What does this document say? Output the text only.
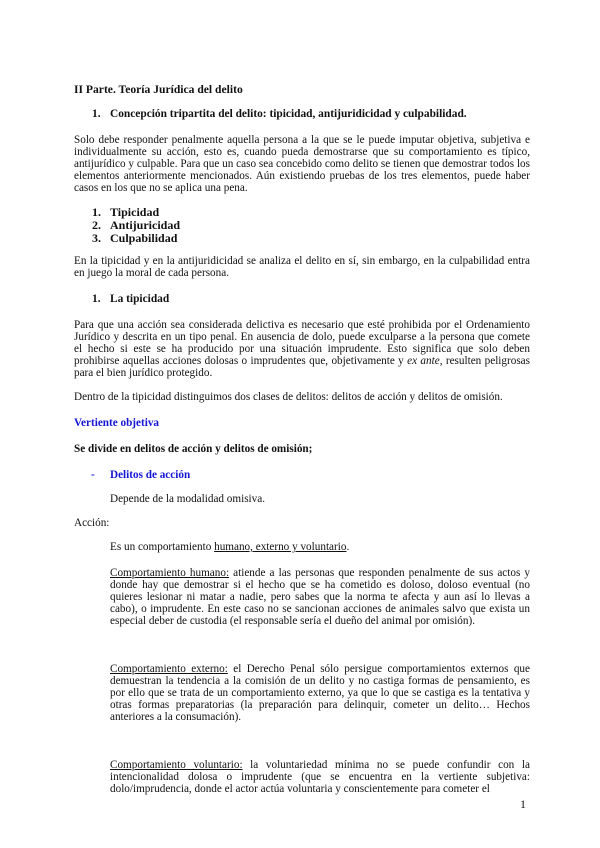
II Parte. Teoría Jurídica del delito

1. Concepción tripartita del delito: tipicidad, antijuridicidad y culpabilidad.

Solo debe responder penalmente aquella persona a la que se le puede imputar objetiva, subjetiva e individualmente su acción, esto es, cuando pueda demostrarse que su comportamiento es típico, antijurídico y culpable. Para que un caso sea concebido como delito se tienen que demostrar todos los elementos anteriormente mencionados. Aún existiendo pruebas de los tres elementos, puede haber casos en los que no se aplica una pena.

1. Tipicidad
2. Antijuricidad
3. Culpabilidad

En la tipicidad y en la antijuridicidad se analiza el delito en sí, sin embargo, en la culpabilidad entra en juego la moral de cada persona.

1. La tipicidad

Para que una acción sea considerada delictiva es necesario que esté prohibida por el Ordenamiento Jurídico y descrita en un tipo penal. En ausencia de dolo, puede exculparse a la persona que comete el hecho si este se ha producido por una situación imprudente. Esto significa que solo deben prohibirse aquellas acciones dolosas o imprudentes que, objetivamente y ex ante, resulten peligrosas para el bien jurídico protegido.

Dentro de la tipicidad distinguimos dos clases de delitos: delitos de acción y delitos de omisión.

Vertiente objetiva

Se divide en delitos de acción y delitos de omisión;

- Delitos de acción

Depende de la modalidad omisiva.

Acción:

Es un comportamiento humano, externo y voluntario.

Comportamiento humano: atiende a las personas que responden penalmente de sus actos y donde hay que demostrar si el hecho que se ha cometido es doloso, doloso eventual (no quieres lesionar ni matar a nadie, pero sabes que la norma te afecta y aun así lo llevas a cabo), o imprudente. En este caso no se sancionan acciones de animales salvo que exista un especial deber de custodia (el responsable sería el dueño del animal por omisión).

Comportamiento externo: el Derecho Penal sólo persigue comportamientos externos que demuestran la tendencia a la comisión de un delito y no castiga formas de pensamiento, es por ello que se trata de un comportamiento externo, ya que lo que se castiga es la tentativa y otras formas preparatorias (la preparación para delinquir, cometer un delito… Hechos anteriores a la consumación).

Comportamiento voluntario: la voluntariedad mínima no se puede confundir con la intencionalidad dolosa o imprudente (que se encuentra en la vertiente subjetiva: dolo/imprudencia, donde el actor actúa voluntaria y conscientemente para cometer el

1
